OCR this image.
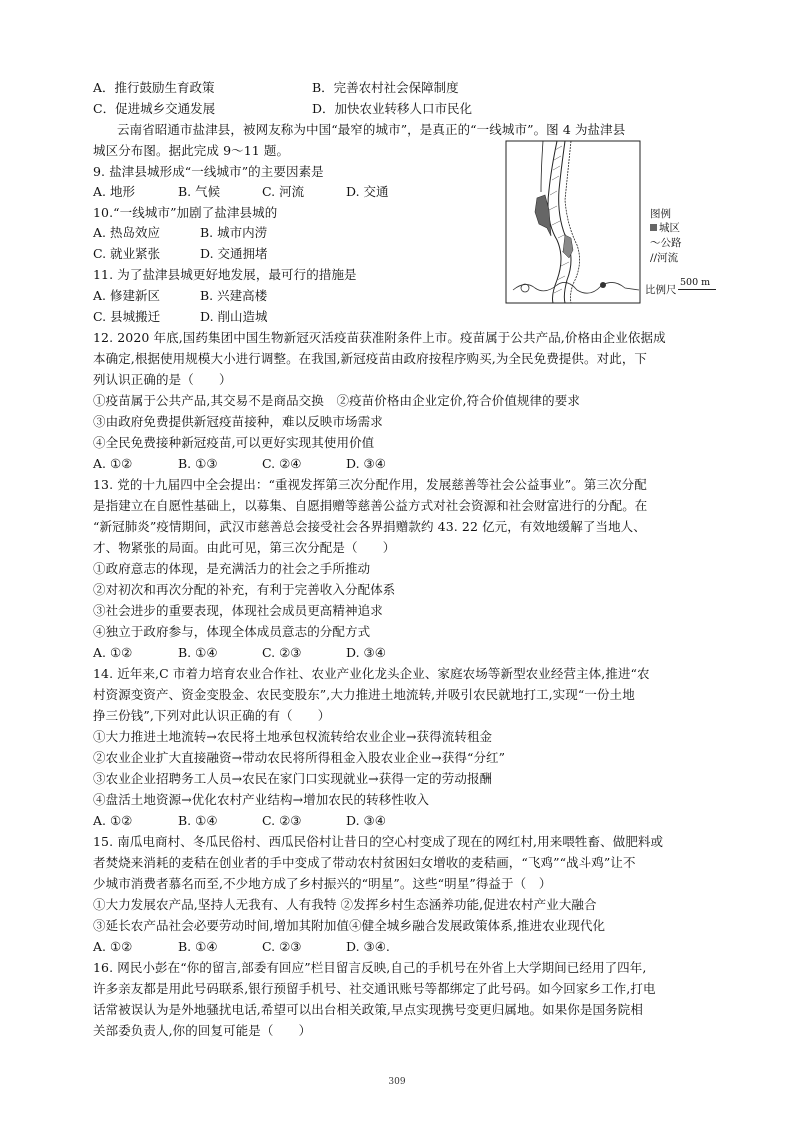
A．推行鼓励生育政策	B．完善农村社会保障制度
C．促进城乡交通发展	D．加快农业转移人口市民化
云南省昭通市盐津县，被网友称为中国“最窄的城市”，是真正的“一线城市”。图 4 为盐津县
城区分布图。据此完成 9～11 题。
9. 盐津县城形成“一线城市”的主要因素是
A. 地形	B. 气候	C. 河流	D. 交通
10.“一线城市”加剧了盐津县城的
A. 热岛效应	B. 城市内涝
C. 就业紧张	D. 交通拥堵
11. 为了盐津县城更好地发展，最可行的措施是
A. 修建新区	B. 兴建高楼
C. 县城搬迁	D. 削山造城
图例
城区
～公路
//河流
500 m
比例尺
12. 2020 年底,国药集团中国生物新冠灭活疫苗获准附条件上市。疫苗属于公共产品,价格由企业依据成
本确定,根据使用规模大小进行调整。在我国,新冠疫苗由政府按程序购买,为全民免费提供。对此，下
列认识正确的是（　　）
①疫苗属于公共产品,其交易不是商品交换　②疫苗价格由企业定价,符合价值规律的要求
③由政府免费提供新冠疫苗接种，难以反映市场需求
④全民免费接种新冠疫苗,可以更好实现其使用价值
A. ①②	B. ①③	C. ②④	D. ③④
13. 党的十九届四中全会提出：“重视发挥第三次分配作用，发展慈善等社会公益事业”。第三次分配
是指建立在自愿性基础上，以募集、自愿捐赠等慈善公益方式对社会资源和社会财富进行的分配。在
“新冠肺炎”疫情期间，武汉市慈善总会接受社会各界捐赠款约 43. 22 亿元，有效地缓解了当地人、
才、物紧张的局面。由此可见，第三次分配是（　　）
①政府意志的体现，是充满活力的社会之手所推动
②对初次和再次分配的补充，有利于完善收入分配体系
③社会进步的重要表现，体现社会成员更高精神追求
④独立于政府参与，体现全体成员意志的分配方式
A. ①②	B. ①④	C. ②③	D. ③④
14. 近年来,C 市着力培育农业合作社、农业产业化龙头企业、家庭农场等新型农业经营主体,推进“农
村资源变资产、资金变股金、农民变股东”,大力推进土地流转,并吸引农民就地打工,实现“一份土地
挣三份钱”,下列对此认识正确的有（　　）
①大力推进土地流转→农民将土地承包权流转给农业企业→获得流转租金
②农业企业扩大直接融资→带动农民将所得租金入股农业企业→获得“分红”
③农业企业招聘务工人员→农民在家门口实现就业→获得一定的劳动报酬
④盘活土地资源→优化农村产业结构→增加农民的转移性收入
A. ①②	B. ①④	C. ②③	D. ③④
15. 南瓜电商村、冬瓜民俗村、西瓜民俗村让昔日的空心村变成了现在的网红村,用来喂牲畜、做肥料或
者焚烧来消耗的麦秸在创业者的手中变成了带动农村贫困妇女增收的麦秸画，“飞鸡”“战斗鸡”让不
少城市消费者慕名而至,不少地方成了乡村振兴的“明星”。这些“明星”得益于（　）
①大力发展农产品,坚持人无我有、人有我特 ②发挥乡村生态涵养功能,促进农村产业大融合
③延长农产品社会必要劳动时间,增加其附加值④健全城乡融合发展政策体系,推进农业现代化
A. ①②	B. ①④	C. ②③	D. ③④.
16. 网民小彭在“你的留言,部委有回应”栏目留言反映,自己的手机号在外省上大学期间已经用了四年,
许多亲友都是用此号码联系,银行预留手机号、社交通讯账号等都绑定了此号码。如今回家乡工作,打电
话常被误认为是外地骚扰电话,希望可以出台相关政策,早点实现携号变更归属地。如果你是国务院相
关部委负责人,你的回复可能是（　　）
309
